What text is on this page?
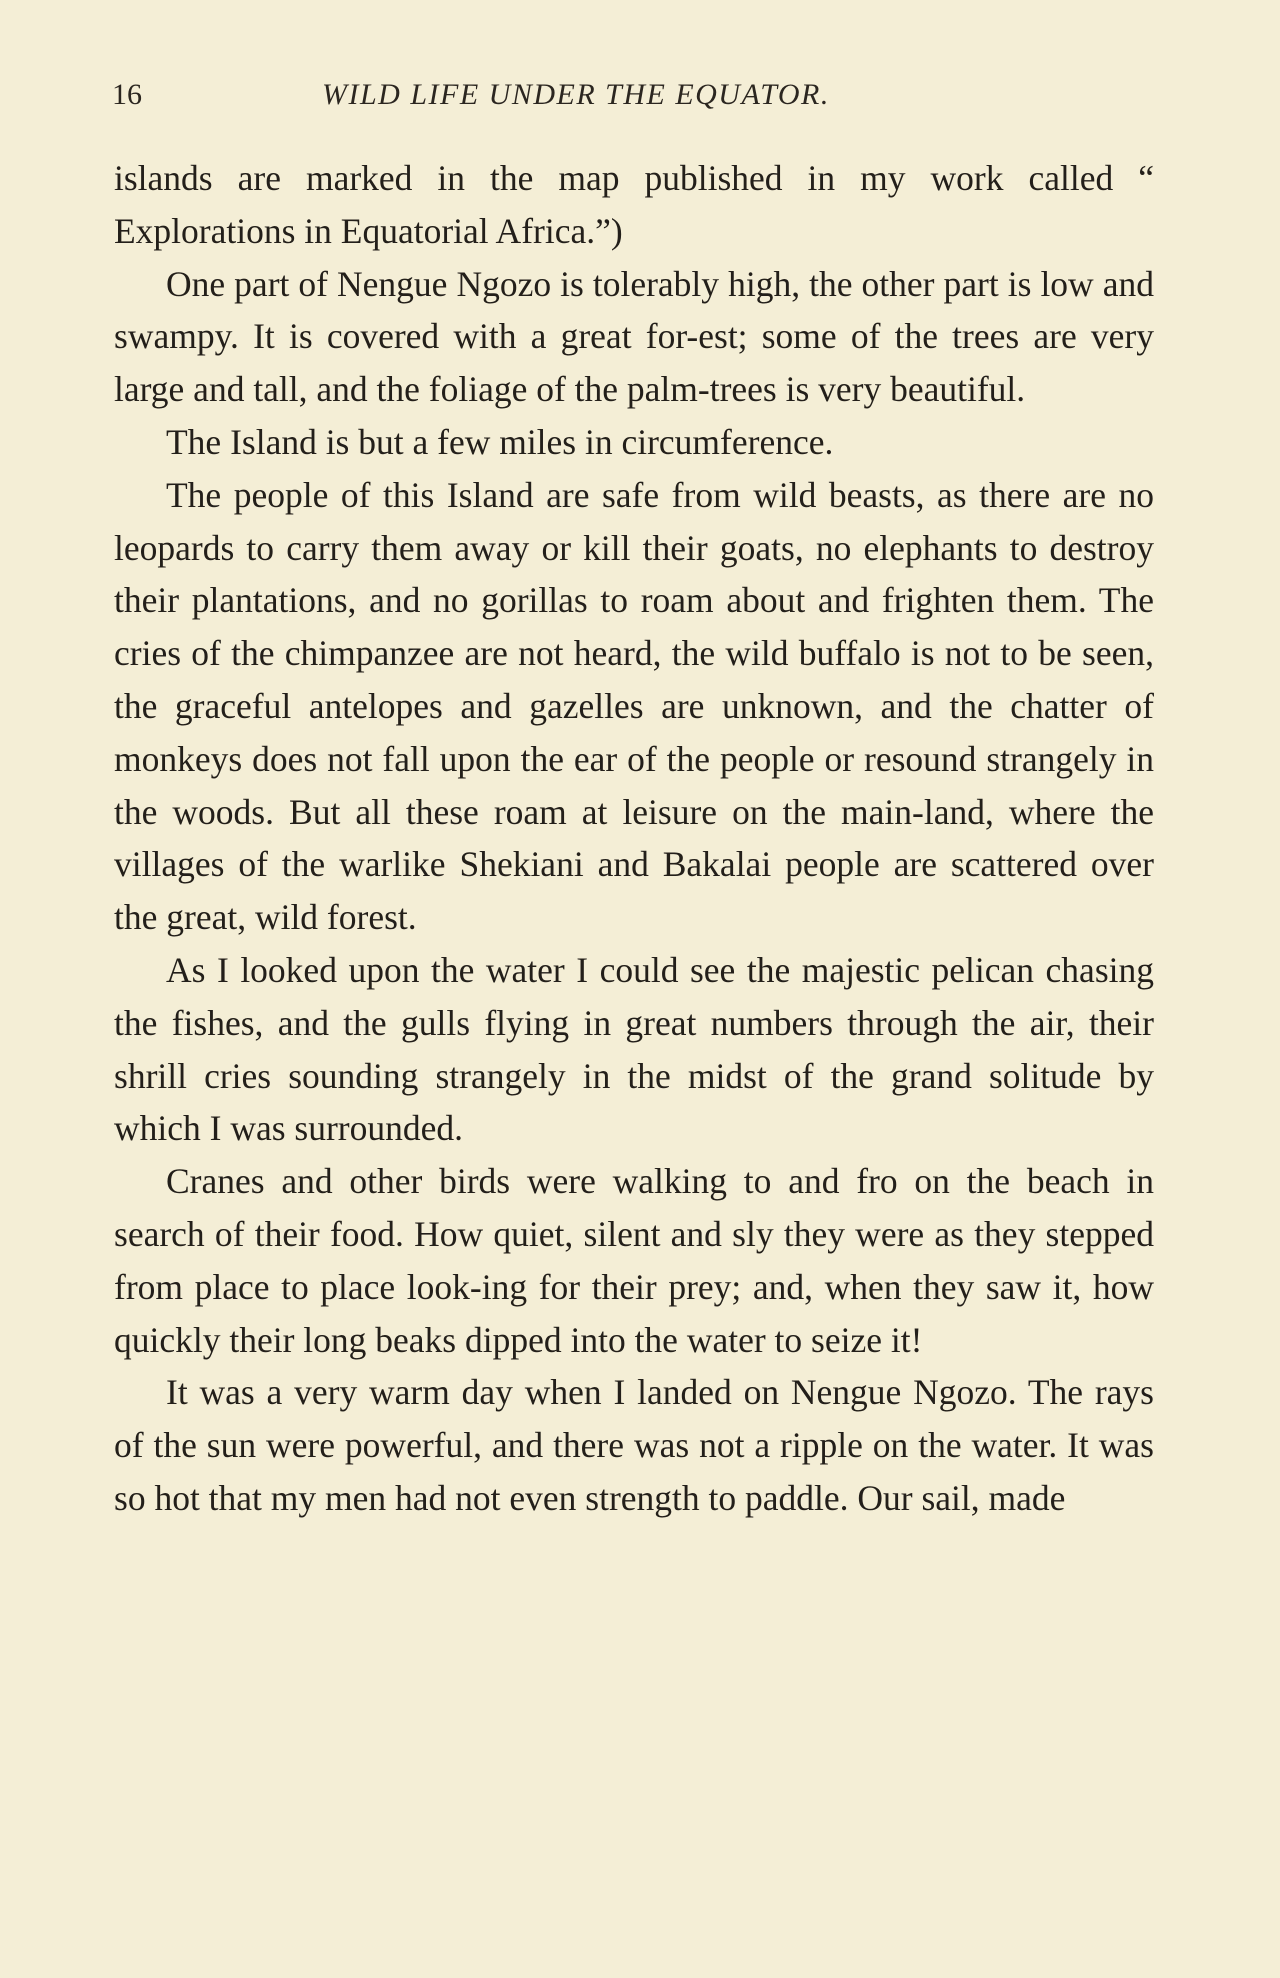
16	WILD LIFE UNDER THE EQUATOR.

islands are marked in the map published in my work called “ Explorations in Equatorial Africa.”)

One part of Nengue Ngozo is tolerably high, the other part is low and swampy. It is covered with a great for-est; some of the trees are very large and tall, and the foliage of the palm-trees is very beautiful.

The Island is but a few miles in circumference.

The people of this Island are safe from wild beasts, as there are no leopards to carry them away or kill their goats, no elephants to destroy their plantations, and no gorillas to roam about and frighten them. The cries of the chimpanzee are not heard, the wild buffalo is not to be seen, the graceful antelopes and gazelles are unknown, and the chatter of monkeys does not fall upon the ear of the people or resound strangely in the woods. But all these roam at leisure on the main-land, where the villages of the warlike Shekiani and Bakalai people are scattered over the great, wild forest.

As I looked upon the water I could see the majestic pelican chasing the fishes, and the gulls flying in great numbers through the air, their shrill cries sounding strangely in the midst of the grand solitude by which I was surrounded.

Cranes and other birds were walking to and fro on the beach in search of their food. How quiet, silent and sly they were as they stepped from place to place look-ing for their prey; and, when they saw it, how quickly their long beaks dipped into the water to seize it!

It was a very warm day when I landed on Nengue Ngozo. The rays of the sun were powerful, and there was not a ripple on the water. It was so hot that my men had not even strength to paddle. Our sail, made
